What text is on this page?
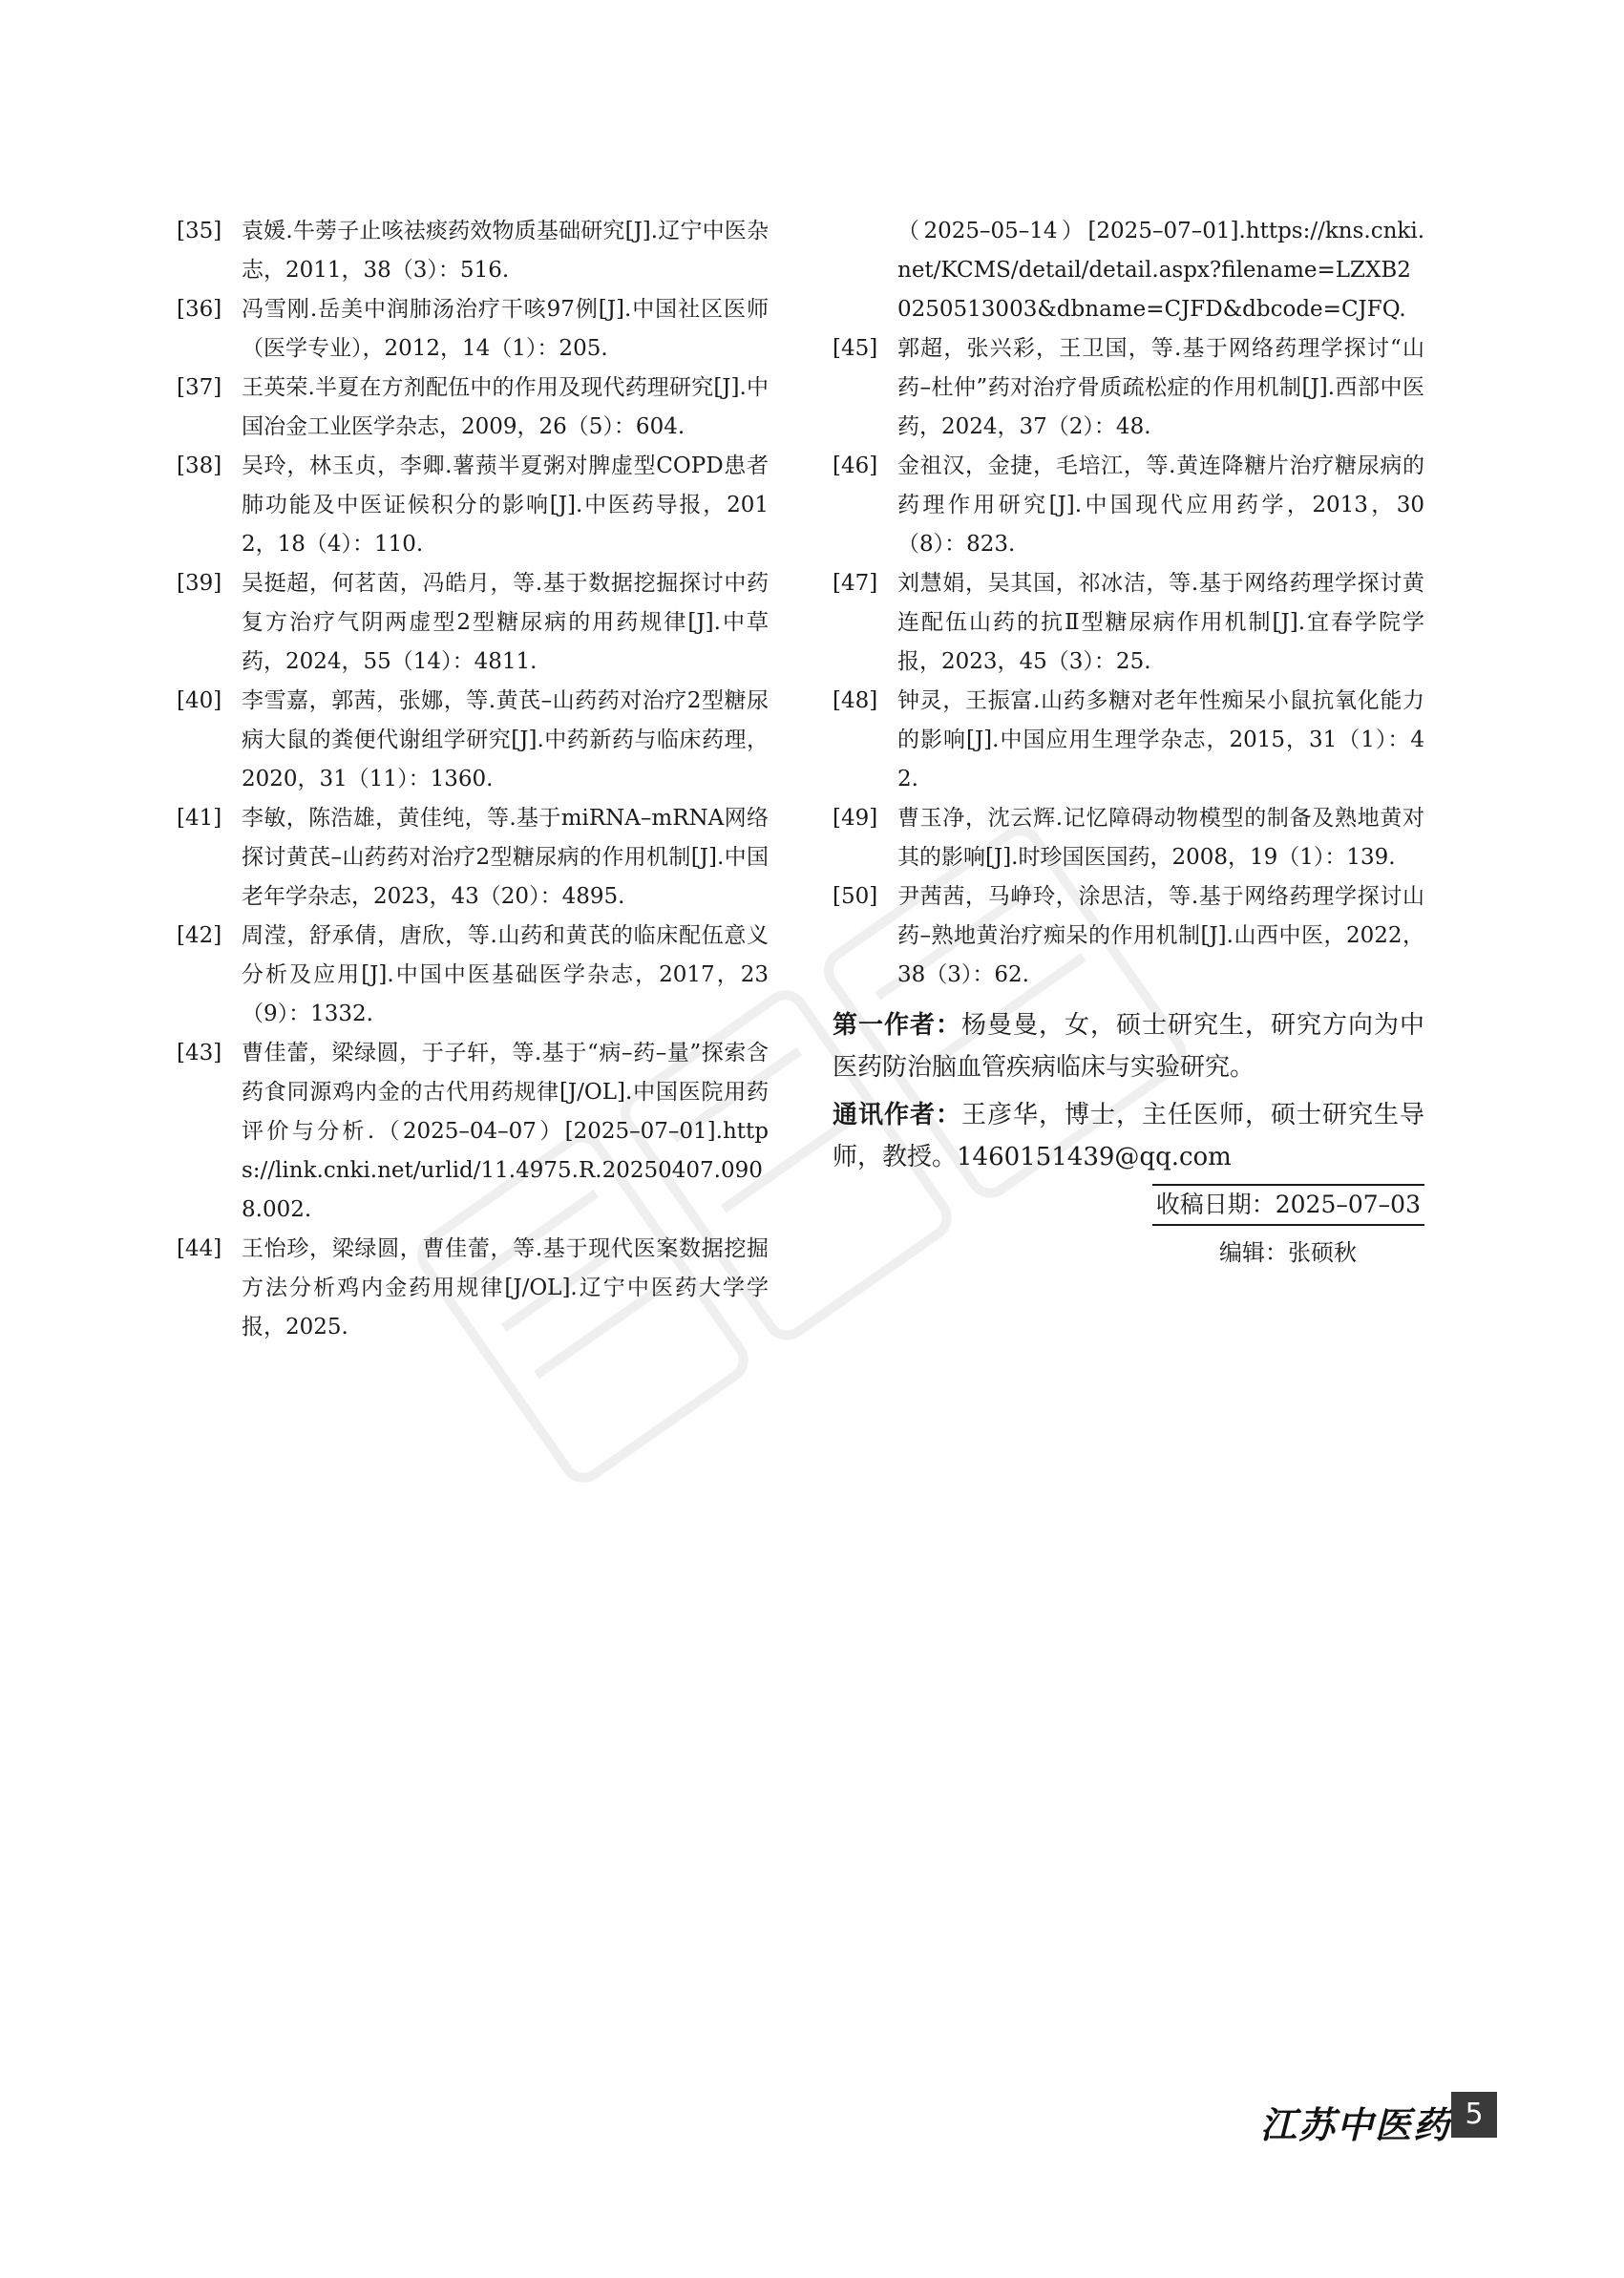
[35] 袁媛.牛蒡子止咳祛痰药效物质基础研究[J].辽宁中医杂志，2011，38（3）：516.
[36] 冯雪刚.岳美中润肺汤治疗干咳97例[J].中国社区医师（医学专业），2012，14（1）：205.
[37] 王英荣.半夏在方剂配伍中的作用及现代药理研究[J].中国冶金工业医学杂志，2009，26（5）：604.
[38] 吴玲，林玉贞，李卿.薯蓣半夏粥对脾虚型COPD患者肺功能及中医证候积分的影响[J].中医药导报，2012，18（4）：110.
[39] 吴挺超，何茗茵，冯皓月，等.基于数据挖掘探讨中药复方治疗气阴两虚型2型糖尿病的用药规律[J].中草药，2024，55（14）：4811.
[40] 李雪嘉，郭茜，张娜，等.黄芪–山药药对治疗2型糖尿病大鼠的粪便代谢组学研究[J].中药新药与临床药理，2020，31（11）：1360.
[41] 李敏，陈浩雄，黄佳纯，等.基于miRNA–mRNA网络探讨黄芪–山药药对治疗2型糖尿病的作用机制[J].中国老年学杂志，2023，43（20）：4895.
[42] 周滢，舒承倩，唐欣，等.山药和黄芪的临床配伍意义分析及应用[J].中国中医基础医学杂志，2017，23（9）：1332.
[43] 曹佳蕾，梁绿圆，于子轩，等.基于“病–药–量”探索含药食同源鸡内金的古代用药规律[J/OL].中国医院用药评价与分析.（2025–04–07）[2025–07–01].https://link.cnki.net/urlid/11.4975.R.20250407.0908.002.
[44] 王怡珍，梁绿圆，曹佳蕾，等.基于现代医案数据挖掘方法分析鸡内金药用规律[J/OL].辽宁中医药大学学报，2025.
（2025–05–14）[2025–07–01].https://kns.cnki.net/KCMS/detail/detail.aspx?filename=LZXB20250513003&dbname=CJFD&dbcode=CJFQ.
[45] 郭超，张兴彩，王卫国，等.基于网络药理学探讨“山药–杜仲”药对治疗骨质疏松症的作用机制[J].西部中医药，2024，37（2）：48.
[46] 金祖汉，金捷，毛培江，等.黄连降糖片治疗糖尿病的药理作用研究[J].中国现代应用药学，2013，30（8）：823.
[47] 刘慧娟，吴其国，祁冰洁，等.基于网络药理学探讨黄连配伍山药的抗Ⅱ型糖尿病作用机制[J].宜春学院学报，2023，45（3）：25.
[48] 钟灵，王振富.山药多糖对老年性痴呆小鼠抗氧化能力的影响[J].中国应用生理学杂志，2015，31（1）：42.
[49] 曹玉净，沈云辉.记忆障碍动物模型的制备及熟地黄对其的影响[J].时珍国医国药，2008，19（1）：139.
[50] 尹茜茜，马峥玲，涂思洁，等.基于网络药理学探讨山药–熟地黄治疗痴呆的作用机制[J].山西中医，2022，38（3）：62.
第一作者：杨曼曼，女，硕士研究生，研究方向为中医药防治脑血管疾病临床与实验研究。
通讯作者：王彦华，博士，主任医师，硕士研究生导师，教授。1460151439@qq.com
收稿日期：2025–07–03
编辑：张硕秋
江苏中医药 5
